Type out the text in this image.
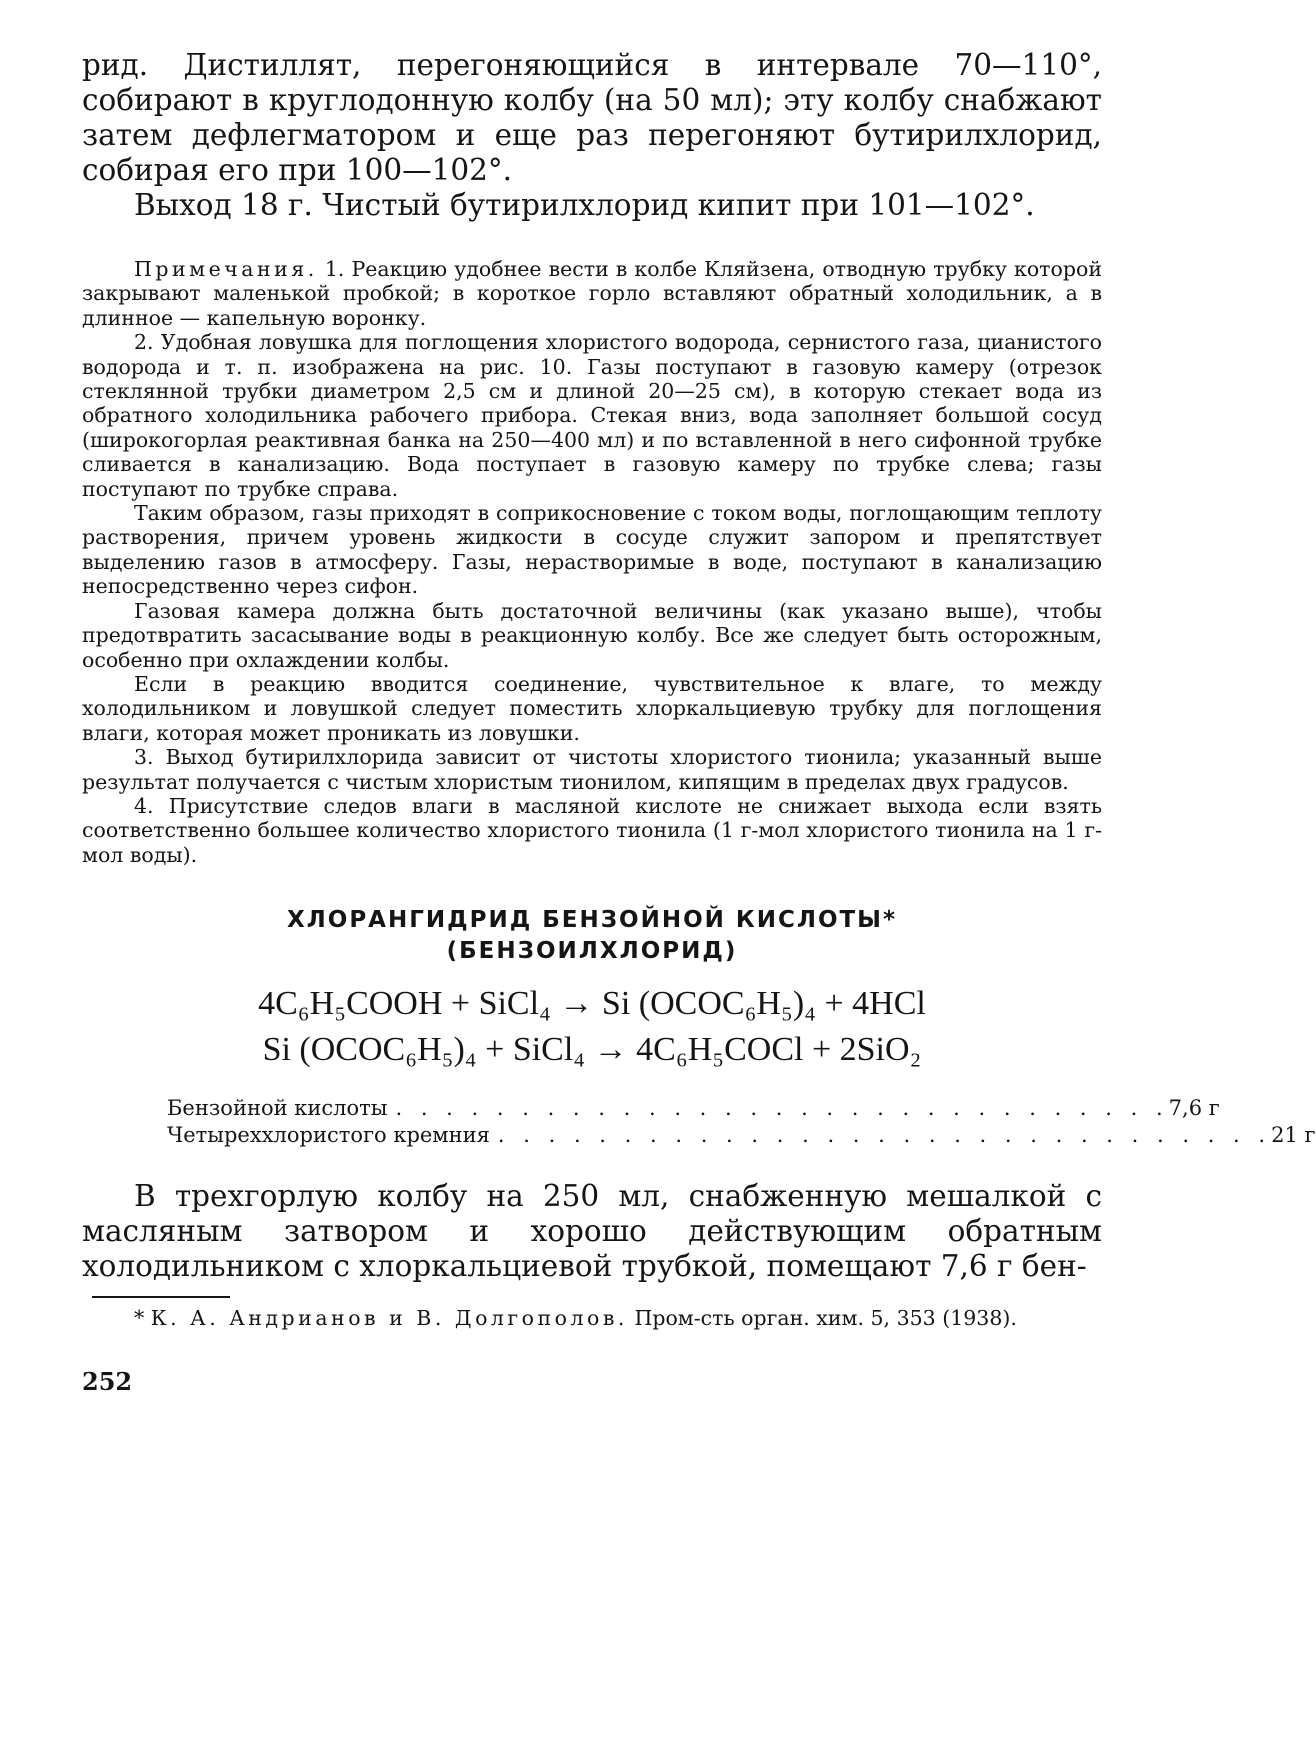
рид. Дистиллят, перегоняющийся в интервале 70—110°, собирают в круглодонную колбу (на 50 мл); эту колбу снабжают затем дефлегматором и еще раз перегоняют бутирилхлорид, собирая его при 100—102°.

Выход 18 г. Чистый бутирилхлорид кипит при 101—102°.

Примечания. 1. Реакцию удобнее вести в колбе Кляйзена, отводную трубку которой закрывают маленькой пробкой; в короткое горло вставляют обратный холодильник, а в длинное — капельную воронку.

2. Удобная ловушка для поглощения хлористого водорода, сернистого газа, цианистого водорода и т. п. изображена на рис. 10. Газы поступают в газовую камеру (отрезок стеклянной трубки диаметром 2,5 см и длиной 20—25 см), в которую стекает вода из обратного холодильника рабочего прибора. Стекая вниз, вода заполняет большой сосуд (широкогорлая реактивная банка на 250—400 мл) и по вставленной в него сифонной трубке сливается в канализацию. Вода поступает в газовую камеру по трубке слева; газы поступают по трубке справа.

Таким образом, газы приходят в соприкосновение с током воды, поглощающим теплоту растворения, причем уровень жидкости в сосуде служит запором и препятствует выделению газов в атмосферу. Газы, нерастворимые в воде, поступают в канализацию непосредственно через сифон.

Газовая камера должна быть достаточной величины (как указано выше), чтобы предотвратить засасывание воды в реакционную колбу. Все же следует быть осторожным, особенно при охлаждении колбы.

Если в реакцию вводится соединение, чувствительное к влаге, то между холодильником и ловушкой следует поместить хлоркальциевую трубку для поглощения влаги, которая может проникать из ловушки.

3. Выход бутирилхлорида зависит от чистоты хлористого тионила; указанный выше результат получается с чистым хлористым тионилом, кипящим в пределах двух градусов.

4. Присутствие следов влаги в масляной кислоте не снижает выхода если взять соответственно большее количество хлористого тионила (1 г-мол хлористого тионила на 1 г-мол воды).

ХЛОРАНГИДРИД БЕНЗОЙНОЙ КИСЛОТЫ*
(БЕНЗОИЛХЛОРИД)
4C₆H₅COOH + SiCl₄ → Si (OCOC₆H₅)₄ + 4HCl
Si (OCOC₆H₅)₄ + SiCl₄ → 4C₆H₅COCl + 2SiO₂
Бензойной кислоты . . . . . . . . . . . . . . . . . . . . . . . . . . . . . . . 7,6 г
Четыреххлористого кремния . . . . . . . . . . . . . . . . . . . . . . . . . . . . . . . 21 г

В трехгорлую колбу на 250 мл, снабженную мешалкой с масляным затвором и хорошо действующим обратным холодильником с хлоркальциевой трубкой, помещают 7,6 г бен-

* К. А. Андрианов и В. Долгополов. Пром-сть орган. хим. 5, 353 (1938).

252
